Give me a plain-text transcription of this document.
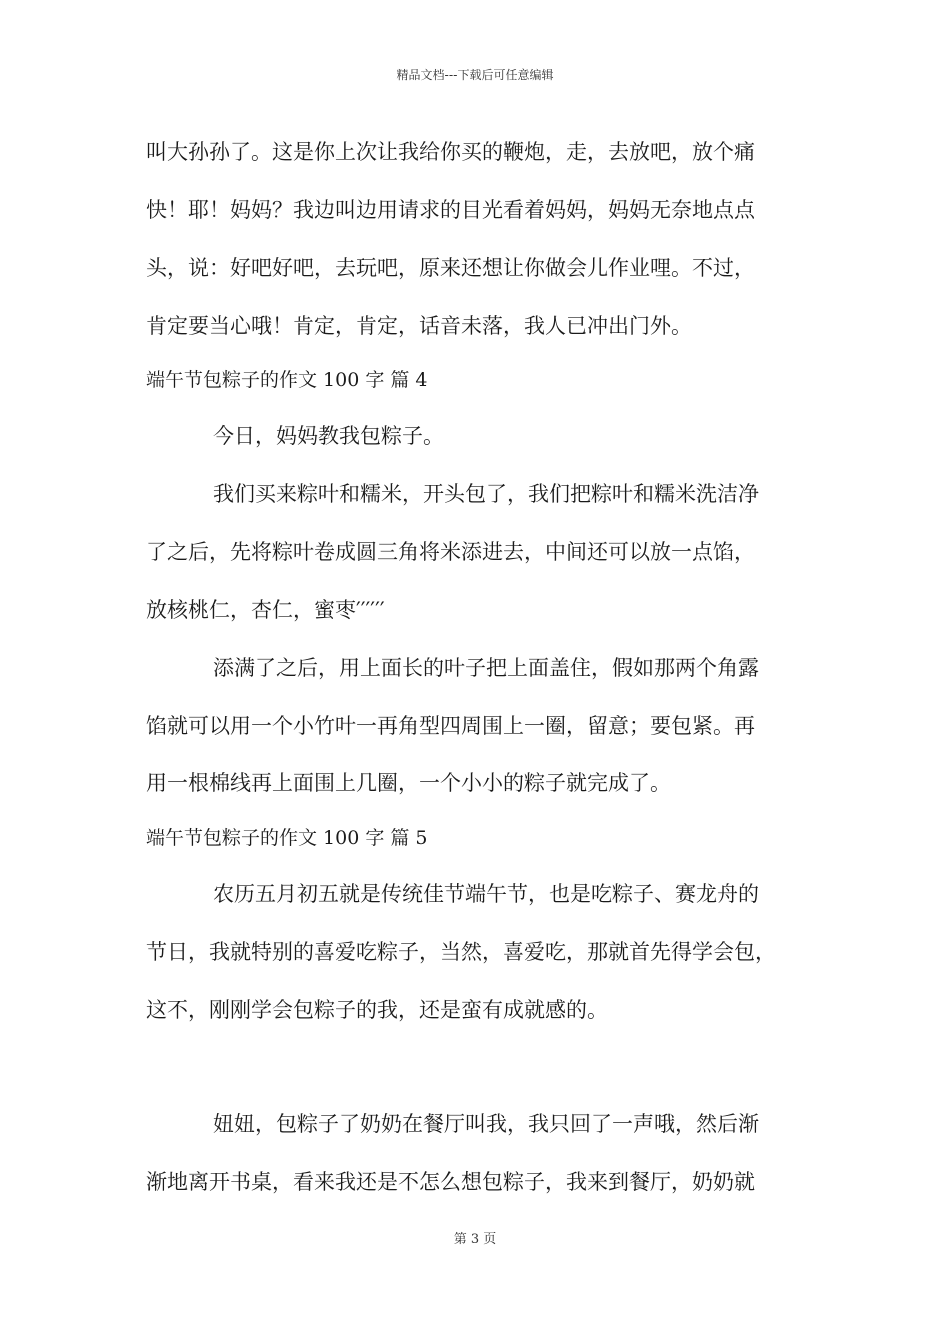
精品文档---下载后可任意编辑
叫大孙孙了。这是你上次让我给你买的鞭炮，走，去放吧，放个痛
快！耶！妈妈？我边叫边用请求的目光看着妈妈，妈妈无奈地点点
头，说：好吧好吧，去玩吧，原来还想让你做会儿作业哩。不过，
肯定要当心哦！肯定，肯定，话音未落，我人已冲出门外。
端午节包粽子的作文 100 字 篇 4
今日，妈妈教我包粽子。
我们买来粽叶和糯米，开头包了，我们把粽叶和糯米洗洁净
了之后，先将粽叶卷成圆三角将米添进去，中间还可以放一点馅，
放核桃仁，杏仁，蜜枣′′′′′′
添满了之后，用上面长的叶子把上面盖住，假如那两个角露
馅就可以用一个小竹叶一再角型四周围上一圈，留意；要包紧。再
用一根棉线再上面围上几圈，一个小小的粽子就完成了。
端午节包粽子的作文 100 字 篇 5
农历五月初五就是传统佳节端午节，也是吃粽子、赛龙舟的
节日，我就特别的喜爱吃粽子，当然，喜爱吃，那就首先得学会包，
这不，刚刚学会包粽子的我，还是蛮有成就感的。
妞妞，包粽子了奶奶在餐厅叫我，我只回了一声哦，然后渐
渐地离开书桌，看来我还是不怎么想包粽子，我来到餐厅，奶奶就
第 3 页
